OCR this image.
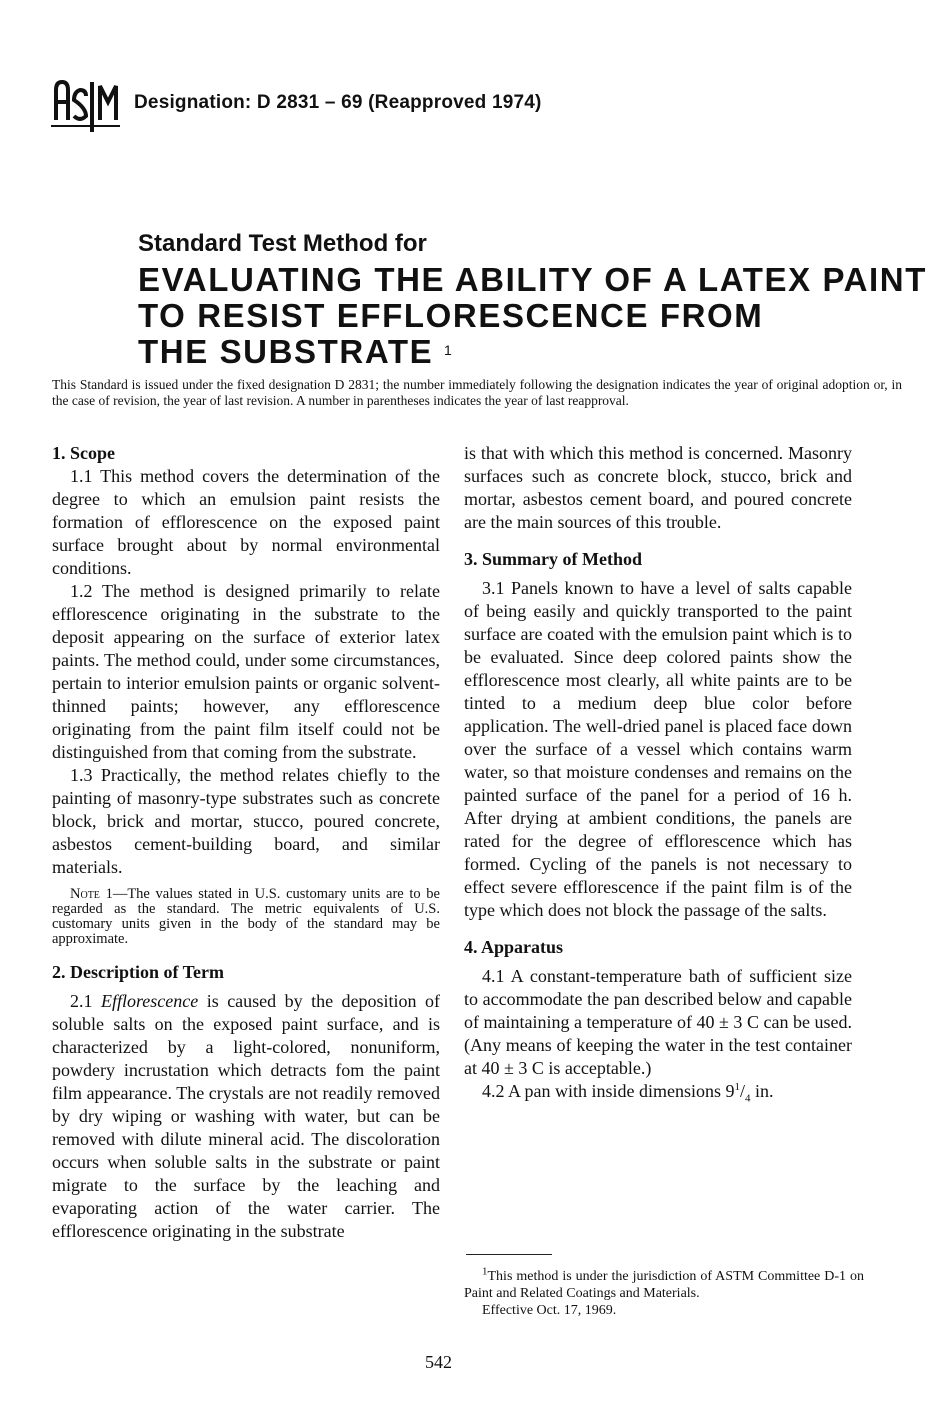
ASTM
Designation: D 2831 – 69 (Reapproved 1974)
Standard Test Method for
EVALUATING THE ABILITY OF A LATEX PAINT
TO RESIST EFFLORESCENCE FROM
THE SUBSTRATE $^1$
This Standard is issued under the fixed designation D 2831; the number immediately following the designation indicates the year of original adoption or, in the case of revision, the year of last revision. A number in parentheses indicates the year of last reapproval.
1. Scope

1.1 This method covers the determination of the degree to which an emulsion paint resists the formation of efflorescence on the exposed paint surface brought about by normal environmental conditions.

1.2 The method is designed primarily to relate efflorescence originating in the substrate to the deposit appearing on the surface of exterior latex paints. The method could, under some circumstances, pertain to interior emulsion paints or organic solvent-thinned paints; however, any efflorescence originating from the paint film itself could not be distinguished from that coming from the substrate.

1.3 Practically, the method relates chiefly to the painting of masonry-type substrates such as concrete block, brick and mortar, stucco, poured concrete, asbestos cement-building board, and similar materials.

Note 1—The values stated in U.S. customary units are to be regarded as the standard. The metric equivalents of U.S. customary units given in the body of the standard may be approximate.

2. Description of Term

2.1 Efflorescence is caused by the deposition of soluble salts on the exposed paint surface, and is characterized by a light-colored, nonuniform, powdery incrustation which detracts fom the paint film appearance. The crystals are not readily removed by dry wiping or washing with water, but can be removed with dilute mineral acid. The discoloration occurs when soluble salts in the substrate or paint migrate to the surface by the leaching and evaporating action of the water carrier. The efflorescence originating in the substrate

is that with which this method is concerned. Masonry surfaces such as concrete block, stucco, brick and mortar, asbestos cement board, and poured concrete are the main sources of this trouble.

3. Summary of Method

3.1 Panels known to have a level of salts capable of being easily and quickly transported to the paint surface are coated with the emulsion paint which is to be evaluated. Since deep colored paints show the efflorescence most clearly, all white paints are to be tinted to a medium deep blue color before application. The well-dried panel is placed face down over the surface of a vessel which contains warm water, so that moisture condenses and remains on the painted surface of the panel for a period of 16 h. After drying at ambient conditions, the panels are rated for the degree of efflorescence which has formed. Cycling of the panels is not necessary to effect severe efflorescence if the paint film is of the type which does not block the passage of the salts.

4. Apparatus

4.1 A constant-temperature bath of sufficient size to accommodate the pan described below and capable of maintaining a temperature of 40 ± 3 C can be used. (Any means of keeping the water in the test container at 40 ± 3 C is acceptable.)

4.2 A pan with inside dimensions $9^1/_4$ in.

$^1$This method is under the jurisdiction of ASTM Committee D-1 on Paint and Related Coatings and Materials.

Effective Oct. 17, 1969.

542
